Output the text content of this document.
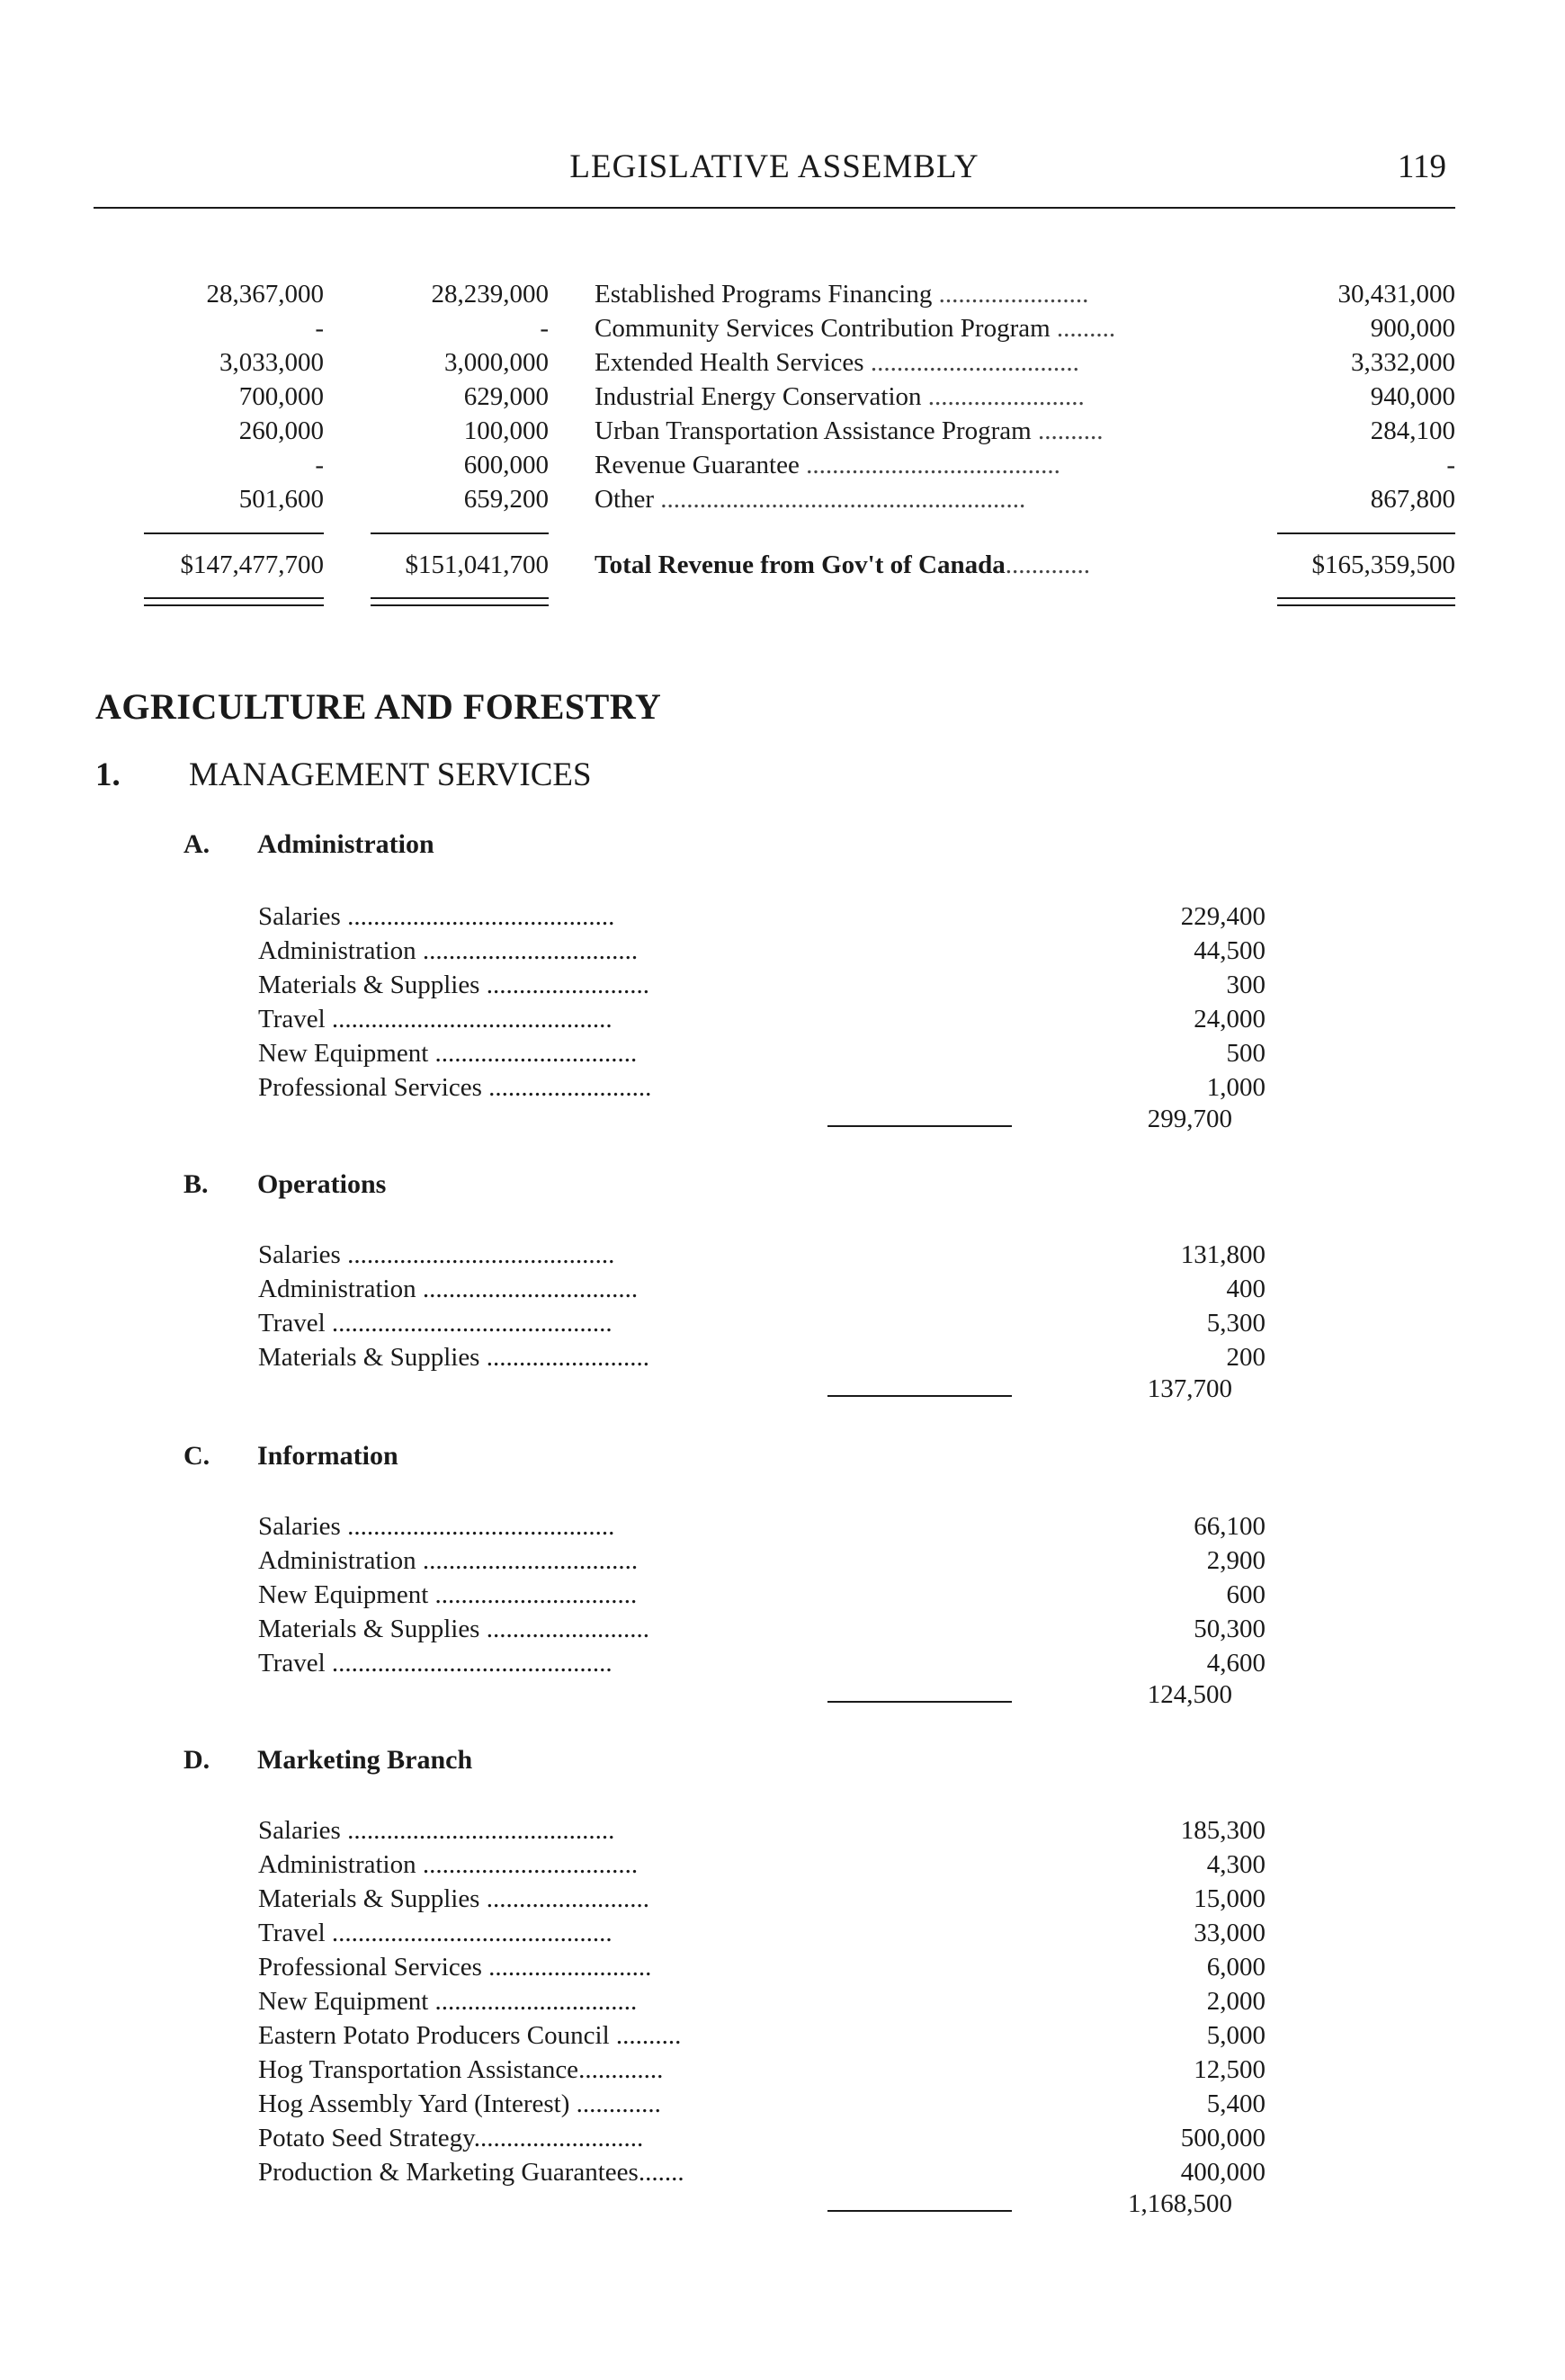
LEGISLATIVE ASSEMBLY	119
28,367,000	28,239,000 Established Programs Financing .......................	30,431,000
-	- Community Services Contribution Program .........	900,000
3,033,000	3,000,000 Extended Health Services ................................	3,332,000
700,000	629,000 Industrial Energy Conservation ........................	940,000
260,000	100,000 Urban Transportation Assistance Program ..........	284,100
-	600,000 Revenue Guarantee .......................................	-
501,600	659,200 Other ........................................................	867,800
$147,477,700	$151,041,700 Total Revenue from Gov't of Canada.............	$165,359,500
AGRICULTURE AND FORESTRY
1. MANAGEMENT SERVICES
A. Administration
Salaries .........................................	229,400
Administration .................................	44,500
Materials & Supplies .........................	300
Travel ...........................................	24,000
New Equipment ...............................	500
Professional Services .........................	1,000
299,700
B. Operations
Salaries .........................................	131,800
Administration .................................	400
Travel ...........................................	5,300
Materials & Supplies .........................	200
137,700
C. Information
Salaries .........................................	66,100
Administration .................................	2,900
New Equipment ...............................	600
Materials & Supplies .........................	50,300
Travel ...........................................	4,600
124,500
D. Marketing Branch
Salaries .........................................	185,300
Administration .................................	4,300
Materials & Supplies .........................	15,000
Travel ...........................................	33,000
Professional Services .........................	6,000
New Equipment ...............................	2,000
Eastern Potato Producers Council ..........	5,000
Hog Transportation Assistance.............	12,500
Hog Assembly Yard (Interest) .............	5,400
Potato Seed Strategy..........................	500,000
Production & Marketing Guarantees.......	400,000
1,168,500
